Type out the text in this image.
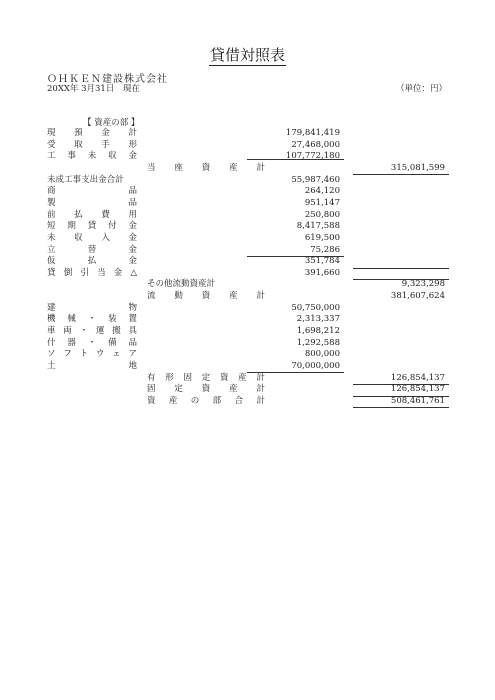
貸借対照表
ＯＨＫＥＮ建設株式会社
20XX年 3月31日　現在	（単位：円）
【 資産の部 】
現 預 金 計	179,841,419
受 取 手 形	27,468,000
工 事 未 収 金	107,772,180
当 座 資 産 計	315,081,599
未 成 工 事 支 出 金 合 計	55,987,460
商	品	264,120
製	品	951,147
前 払 費 用	250,800
短 期 貸 付 金	8,417,588
未 収 入 金	619,500
立	替	金	75,286
仮	払	金	351,784
貸 倒 引 当 金 △	391,660
そ の 他 流 動 資 産 計	9,323,298
流 動 資 産 計	381,607,624
建	物	50,750,000
機 械 ・ 装 置	2,313,337
車 両 ・ 運 搬 具	1,698,212
什 器 ・ 備 品	1,292,588
ソ フ ト ウ ェ ア	800,000
土	地	70,000,000
有 形 固 定 資 産 計	126,854,137
固 定 資 産 計	126,854,137
資 産 の 部 合 計	508,461,761
